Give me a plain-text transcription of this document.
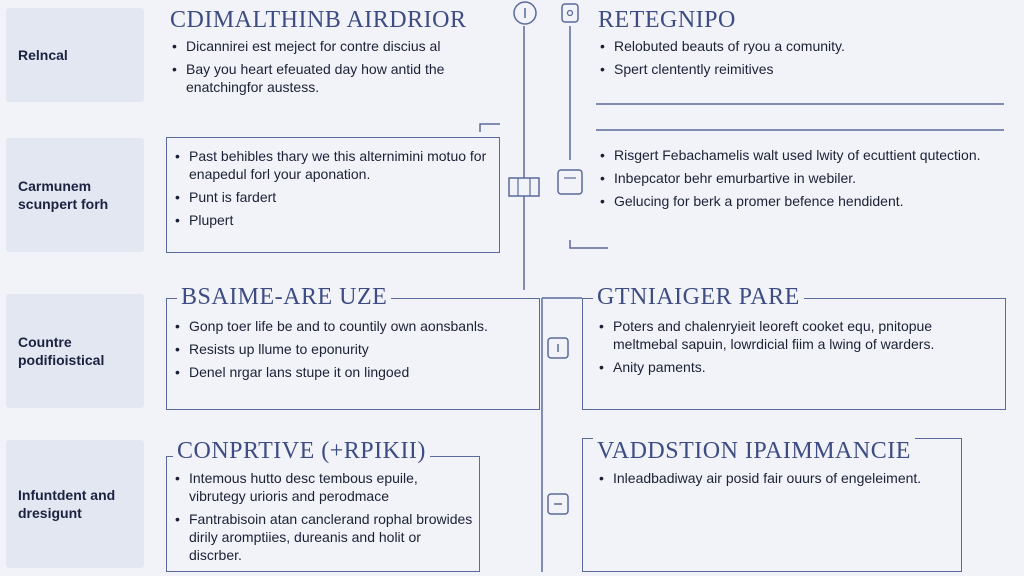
Relncal
Carmunem scunpert forh
Countre podifioistical
Infuntdent and dresigunt
CDIMALTHINB AIRDRIOR
• Dicannirei est meject for contre discius al
• Bay you heart efeuated day how antid the enatchingfor austess.
RETEGNIPO
• Relobuted beauts of ryou a comunity.
• Spert clentently reimitives
• Past behibles thary we this alternimini motuo for enapedul forl your aponation.
• Punt is fardert
• Plupert
• Risgert Febachamelis walt used lwity of ecuttient qutection.
• Inbepcator behr emurbartive in webiler.
• Gelucing for berk a promer befence hendident.
BSAIME-ARE UZE
• Gonp toer life be and to countily own aonsbanls.
• Resists up llume to eponurity
• Denel nrgar lans stupe it on lingoed
GTNIAIGER PARE
• Poters and chalenryieit leoreft cooket equ, pnitopue meltmebal sapuin, lowrdicial fiim a lwing of warders.
• Anity paments.
CONPRTIVE (+RPIKII)
• Intemous hutto desc tembous epuile, vibrutegy urioris and perodmace
• Fantrabisoin atan canclerand rophal browides dirily aromptiies, dureanis and holit or discrber.
VADDSTION IPAIMMANCIE
• Inleadbadiway air posid fair ouurs of engeleiment.
